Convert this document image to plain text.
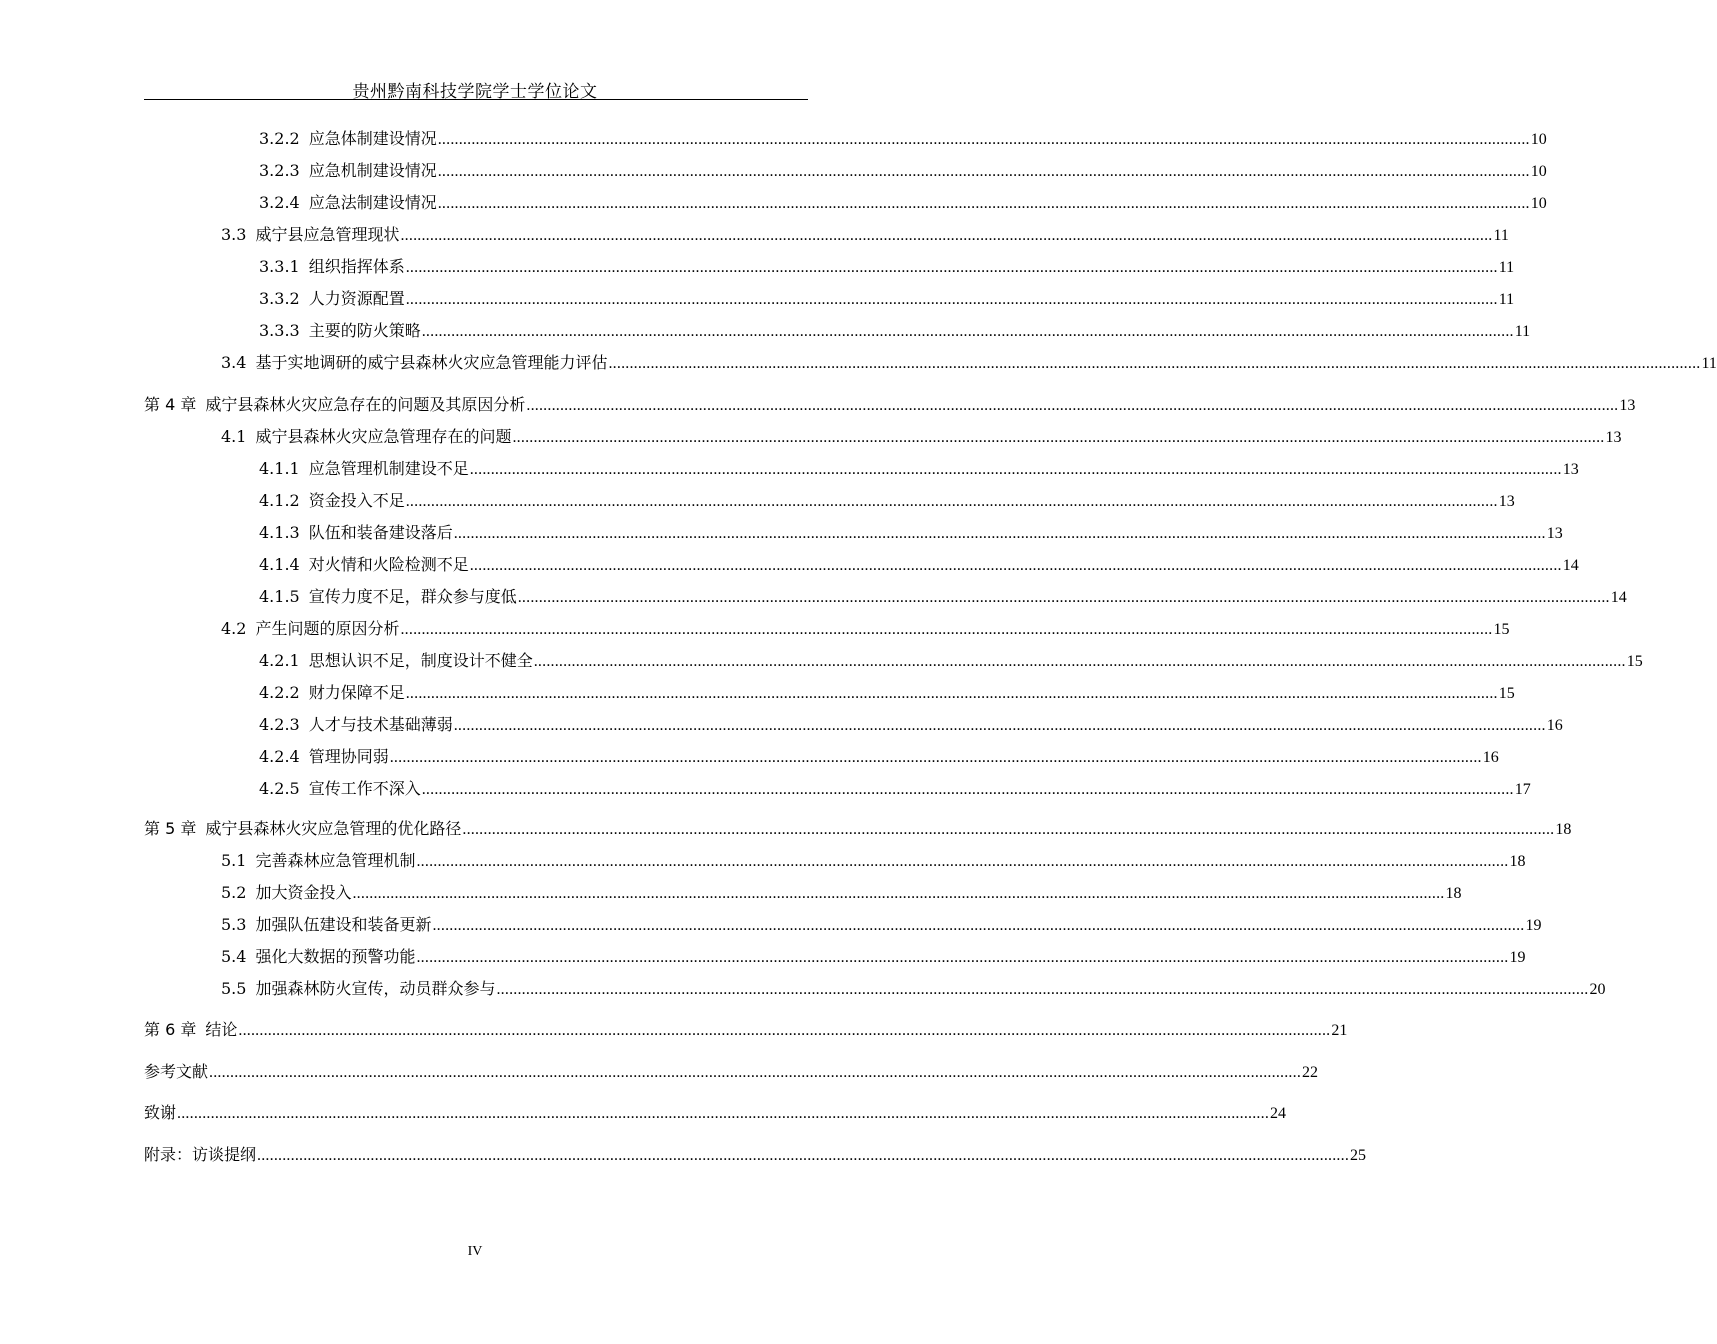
贵州黔南科技学院学士学位论文
3.2.2 应急体制建设情况 .................................................................................................................................................................................................................................................................... 10
3.2.3 应急机制建设情况 .................................................................................................................................................................................................................................................................... 10
3.2.4 应急法制建设情况 .................................................................................................................................................................................................................................................................... 10
3.3 威宁县应急管理现状 .................................................................................................................................................................................................................................................................... 11
3.3.1 组织指挥体系 .................................................................................................................................................................................................................................................................... 11
3.3.2 人力资源配置 .................................................................................................................................................................................................................................................................... 11
3.3.3 主要的防火策略 .................................................................................................................................................................................................................................................................... 11
3.4 基于实地调研的威宁县森林火灾应急管理能力评估 .................................................................................................................................................................................................................................................................... 11
第 4 章 威宁县森林火灾应急存在的问题及其原因分析 .................................................................................................................................................................................................................................................................... 13
4.1 威宁县森林火灾应急管理存在的问题 .................................................................................................................................................................................................................................................................... 13
4.1.1 应急管理机制建设不足 .................................................................................................................................................................................................................................................................... 13
4.1.2 资金投入不足 .................................................................................................................................................................................................................................................................... 13
4.1.3 队伍和装备建设落后 .................................................................................................................................................................................................................................................................... 13
4.1.4 对火情和火险检测不足 .................................................................................................................................................................................................................................................................... 14
4.1.5 宣传力度不足，群众参与度低 .................................................................................................................................................................................................................................................................... 14
4.2 产生问题的原因分析 .................................................................................................................................................................................................................................................................... 15
4.2.1 思想认识不足，制度设计不健全 .................................................................................................................................................................................................................................................................... 15
4.2.2 财力保障不足 .................................................................................................................................................................................................................................................................... 15
4.2.3 人才与技术基础薄弱 .................................................................................................................................................................................................................................................................... 16
4.2.4 管理协同弱 .................................................................................................................................................................................................................................................................... 16
4.2.5 宣传工作不深入 .................................................................................................................................................................................................................................................................... 17
第 5 章 威宁县森林火灾应急管理的优化路径 .................................................................................................................................................................................................................................................................... 18
5.1 完善森林应急管理机制 .................................................................................................................................................................................................................................................................... 18
5.2 加大资金投入 .................................................................................................................................................................................................................................................................... 18
5.3 加强队伍建设和装备更新 .................................................................................................................................................................................................................................................................... 19
5.4 强化大数据的预警功能 .................................................................................................................................................................................................................................................................... 19
5.5 加强森林防火宣传，动员群众参与 .................................................................................................................................................................................................................................................................... 20
第 6 章 结论 .................................................................................................................................................................................................................................................................... 21
参考文献 .................................................................................................................................................................................................................................................................... 22
致谢 .................................................................................................................................................................................................................................................................... 24
附录：访谈提纲 .................................................................................................................................................................................................................................................................... 25
IV
